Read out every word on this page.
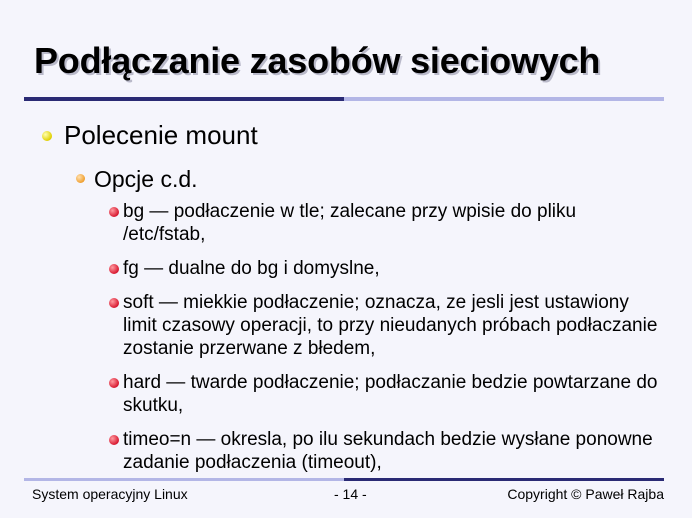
Podłączanie zasobów sieciowych
Polecenie mount
Opcje c.d.
bg — podłaczenie w tle; zalecane przy wpisie do pliku /etc/fstab,
fg — dualne do bg i domyslne,
soft — miekkie podłaczenie; oznacza, ze jesli jest ustawiony limit czasowy operacji, to przy nieudanych próbach podłaczanie zostanie przerwane z błedem,
hard — twarde podłaczenie; podłaczanie bedzie powtarzane do skutku,
timeo=n — okresla, po ilu sekundach bedzie wysłane ponowne zadanie podłaczenia (timeout),
System operacyjny Linux	- 14 -	Copyright © Paweł Rajba
